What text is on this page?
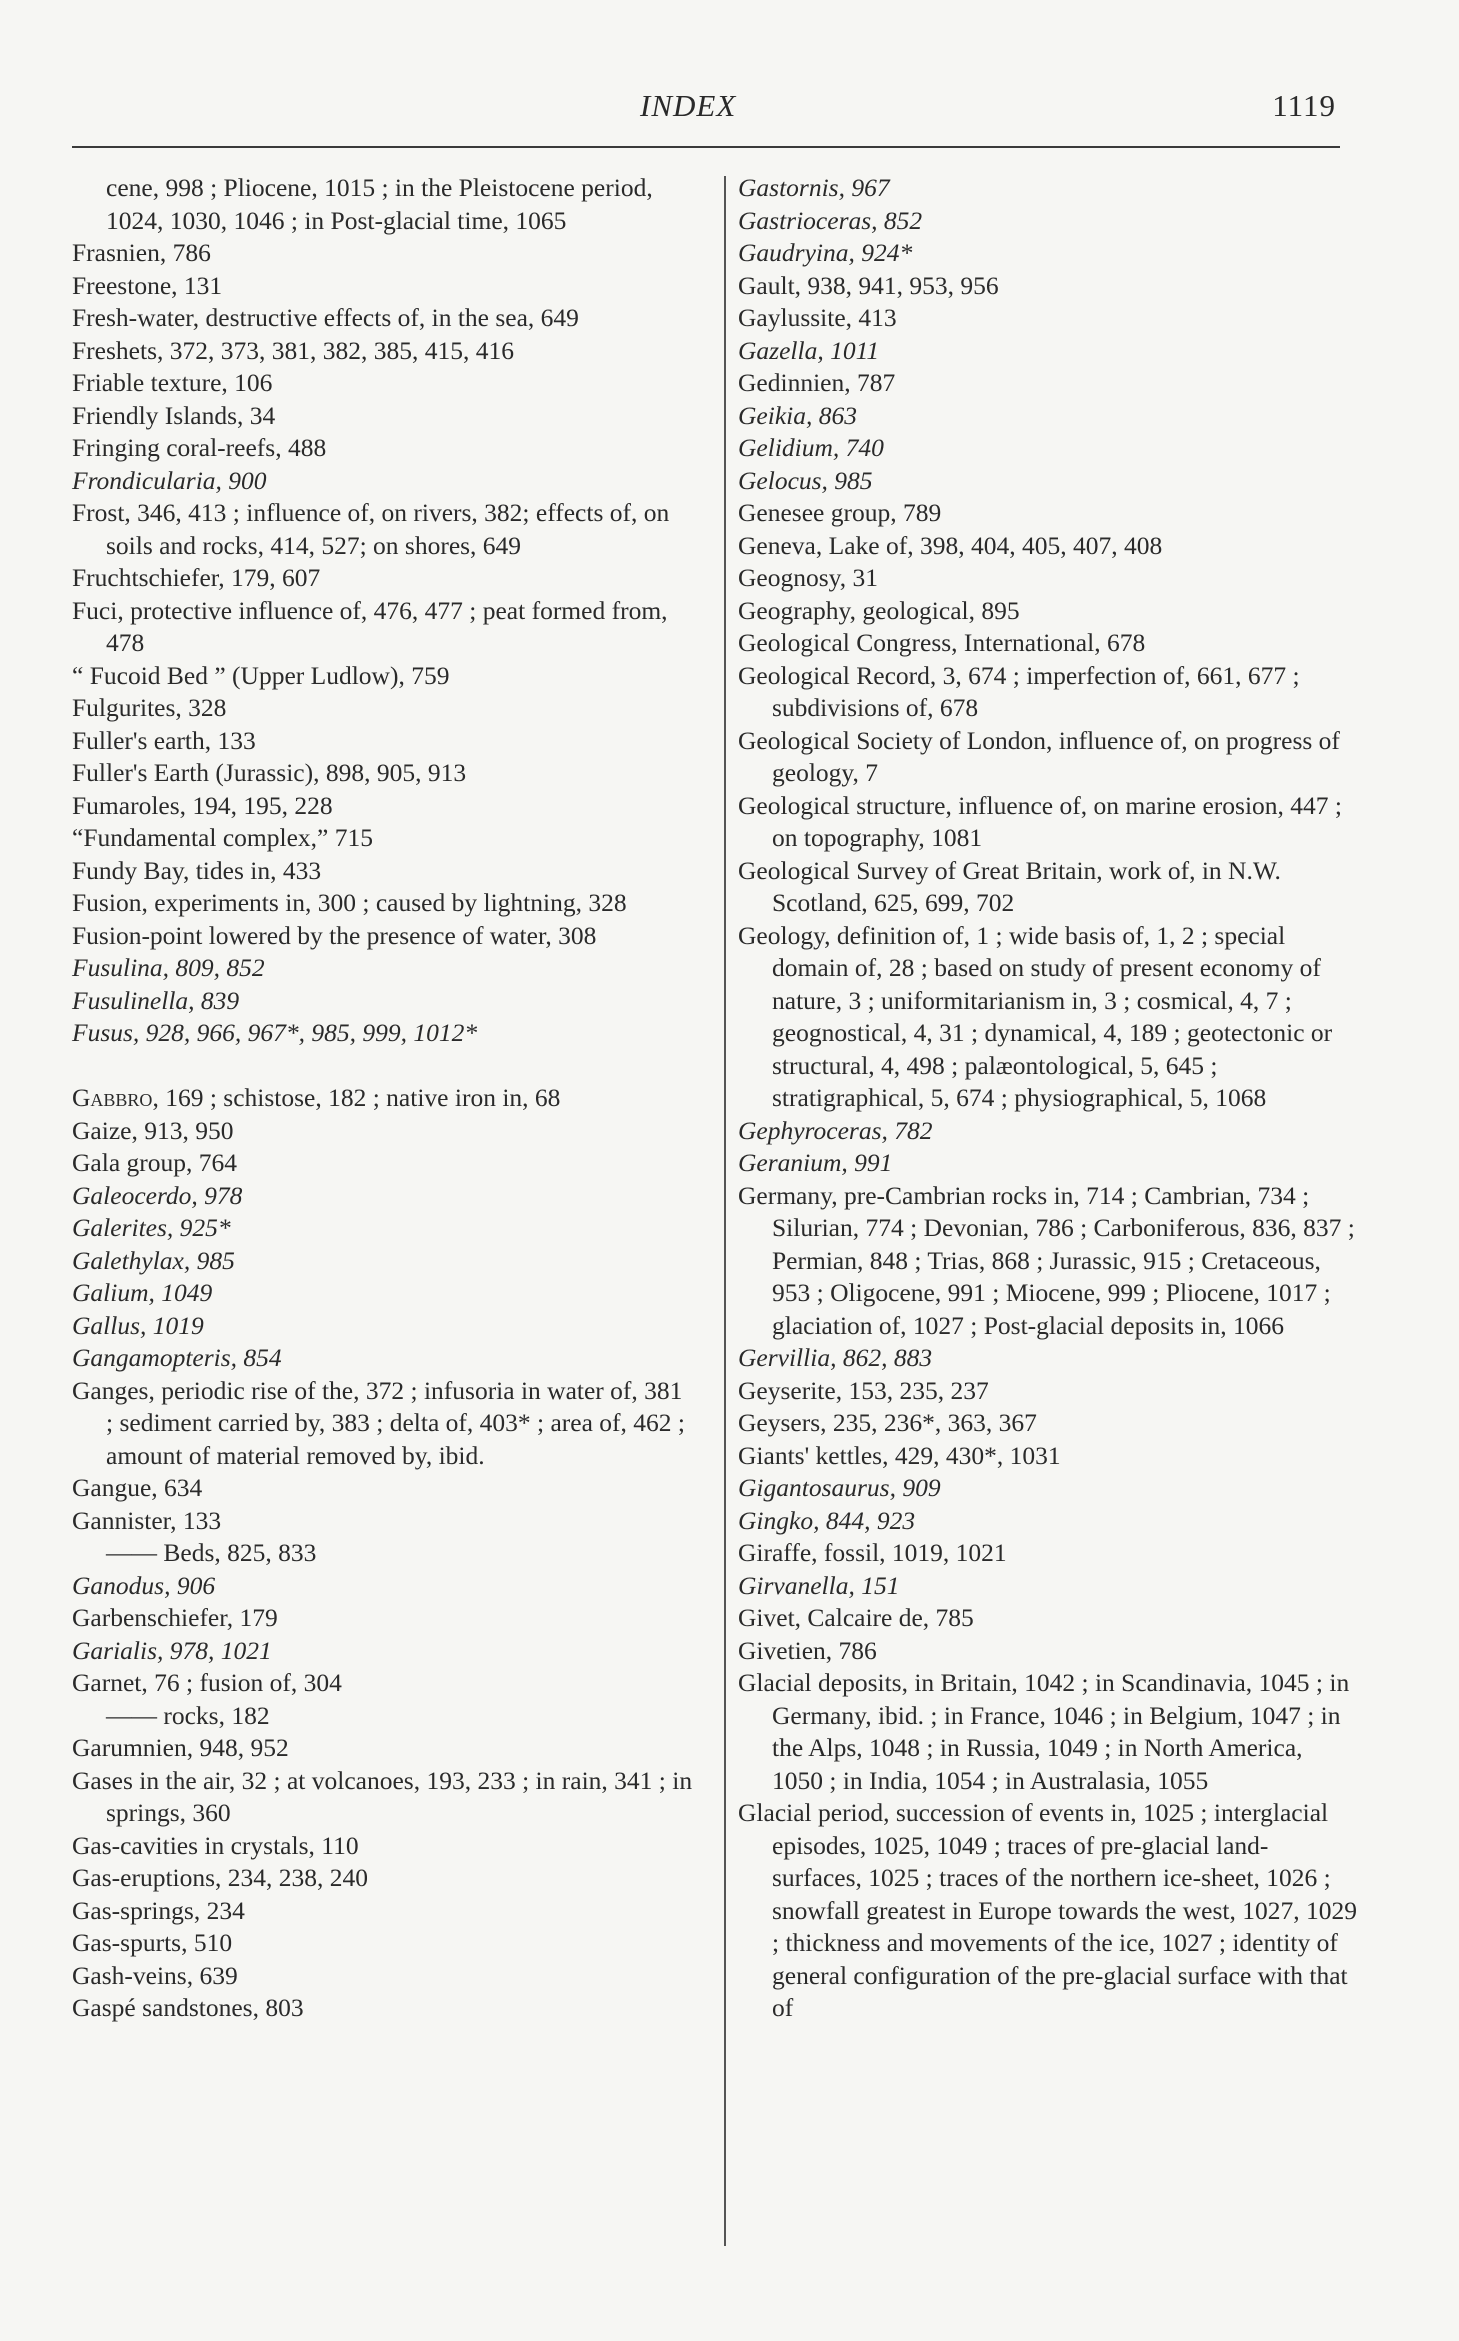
INDEX	1119

cene, 998 ; Pliocene, 1015 ; in the Pleistocene period, 1024, 1030, 1046 ; in Post-glacial time, 1065

Frasnien, 786

Freestone, 131

Fresh-water, destructive effects of, in the sea, 649

Freshets, 372, 373, 381, 382, 385, 415, 416

Friable texture, 106

Friendly Islands, 34

Fringing coral-reefs, 488

Frondicularia, 900

Frost, 346, 413 ; influence of, on rivers, 382; effects of, on soils and rocks, 414, 527; on shores, 649

Fruchtschiefer, 179, 607

Fuci, protective influence of, 476, 477 ; peat formed from, 478

“ Fucoid Bed ” (Upper Ludlow), 759

Fulgurites, 328

Fuller's earth, 133

Fuller's Earth (Jurassic), 898, 905, 913

Fumaroles, 194, 195, 228

“Fundamental complex,” 715

Fundy Bay, tides in, 433

Fusion, experiments in, 300 ; caused by lightning, 328

Fusion-point lowered by the presence of water, 308

Fusulina, 809, 852

Fusulinella, 839

Fusus, 928, 966, 967*, 985, 999, 1012*

Gabbro, 169 ; schistose, 182 ; native iron in, 68

Gaize, 913, 950

Gala group, 764

Galeocerdo, 978

Galerites, 925*

Galethylax, 985

Galium, 1049

Gallus, 1019

Gangamopteris, 854

Ganges, periodic rise of the, 372 ; infusoria in water of, 381 ; sediment carried by, 383 ; delta of, 403* ; area of, 462 ; amount of material removed by, ibid.

Gangue, 634

Gannister, 133

—— Beds, 825, 833

Ganodus, 906

Garbenschiefer, 179

Garialis, 978, 1021

Garnet, 76 ; fusion of, 304

—— rocks, 182

Garumnien, 948, 952

Gases in the air, 32 ; at volcanoes, 193, 233 ; in rain, 341 ; in springs, 360

Gas-cavities in crystals, 110

Gas-eruptions, 234, 238, 240

Gas-springs, 234

Gas-spurts, 510

Gash-veins, 639

Gaspé sandstones, 803

Gastornis, 967

Gastrioceras, 852

Gaudryina, 924*

Gault, 938, 941, 953, 956

Gaylussite, 413

Gazella, 1011

Gedinnien, 787

Geikia, 863

Gelidium, 740

Gelocus, 985

Genesee group, 789

Geneva, Lake of, 398, 404, 405, 407, 408

Geognosy, 31

Geography, geological, 895

Geological Congress, International, 678

Geological Record, 3, 674 ; imperfection of, 661, 677 ; subdivisions of, 678

Geological Society of London, influence of, on progress of geology, 7

Geological structure, influence of, on marine erosion, 447 ; on topography, 1081

Geological Survey of Great Britain, work of, in N.W. Scotland, 625, 699, 702

Geology, definition of, 1 ; wide basis of, 1, 2 ; special domain of, 28 ; based on study of present economy of nature, 3 ; uniformitarianism in, 3 ; cosmical, 4, 7 ; geognostical, 4, 31 ; dynamical, 4, 189 ; geotectonic or structural, 4, 498 ; palæontological, 5, 645 ; stratigraphical, 5, 674 ; physiographical, 5, 1068

Gephyroceras, 782

Geranium, 991

Germany, pre-Cambrian rocks in, 714 ; Cambrian, 734 ; Silurian, 774 ; Devonian, 786 ; Carboniferous, 836, 837 ; Permian, 848 ; Trias, 868 ; Jurassic, 915 ; Cretaceous, 953 ; Oligocene, 991 ; Miocene, 999 ; Pliocene, 1017 ; glaciation of, 1027 ; Post-glacial deposits in, 1066

Gervillia, 862, 883

Geyserite, 153, 235, 237

Geysers, 235, 236*, 363, 367

Giants' kettles, 429, 430*, 1031

Gigantosaurus, 909

Gingko, 844, 923

Giraffe, fossil, 1019, 1021

Girvanella, 151

Givet, Calcaire de, 785

Givetien, 786

Glacial deposits, in Britain, 1042 ; in Scandinavia, 1045 ; in Germany, ibid. ; in France, 1046 ; in Belgium, 1047 ; in the Alps, 1048 ; in Russia, 1049 ; in North America, 1050 ; in India, 1054 ; in Australasia, 1055

Glacial period, succession of events in, 1025 ; interglacial episodes, 1025, 1049 ; traces of pre-glacial land-surfaces, 1025 ; traces of the northern ice-sheet, 1026 ; snowfall greatest in Europe towards the west, 1027, 1029 ; thickness and movements of the ice, 1027 ; identity of general configuration of the pre-glacial surface with that of
